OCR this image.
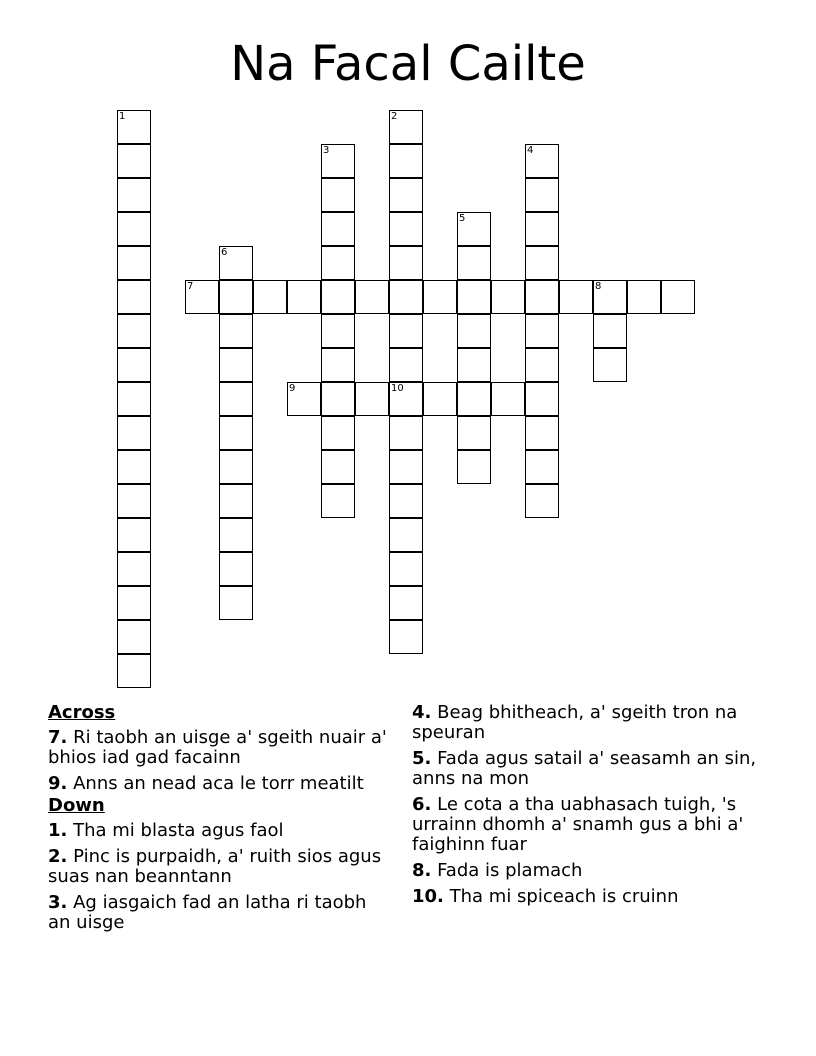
Na Facal Cailte
1	2
10
3	4
5
6
7	8
9
Across
7. Ri taobh an uisge a' sgeith nuair a' bhios iad gad facainn
9. Anns an nead aca le torr meatilt
Down
1. Tha mi blasta agus faol
2. Pinc is purpaidh, a' ruith sios agus suas nan beanntann
3. Ag iasgaich fad an latha ri taobh an uisge
4. Beag bhitheach, a' sgeith tron na speuran
5. Fada agus satail a' seasamh an sin, anns na mon
6. Le cota a tha uabhasach tuigh, 's urrainn dhomh a' snamh gus a bhi a' faighinn fuar
8. Fada is plamach
10. Tha mi spiceach is cruinn
